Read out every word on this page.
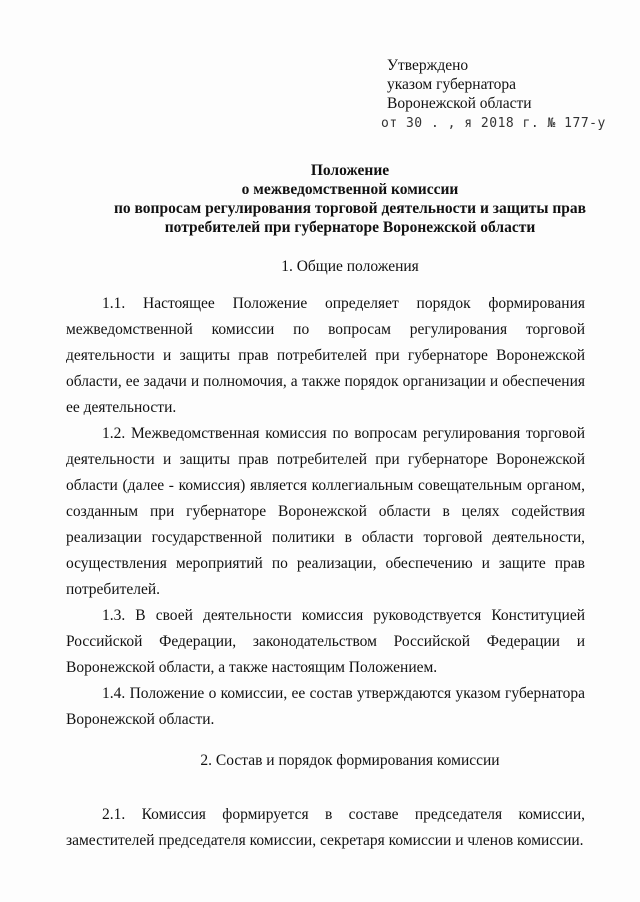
Утверждено
указом губернатора
Воронежской области
от 30 . , я 2018 г. № 177-у
Положение
о межведомственной комиссии
по вопросам регулирования торговой деятельности и защиты прав
потребителей при губернаторе Воронежской области
1. Общие положения
1.1. Настоящее Положение определяет порядок формирования
межведомственной комиссии по вопросам регулирования торговой
деятельности и защиты прав потребителей при губернаторе Воронежской
области, ее задачи и полномочия, а также порядок организации и обеспечения
ее деятельности.
1.2. Межведомственная комиссия по вопросам регулирования торговой
деятельности и защиты прав потребителей при губернаторе Воронежской
области (далее - комиссия) является коллегиальным совещательным органом,
созданным при губернаторе Воронежской области в целях содействия
реализации государственной политики в области торговой деятельности,
осуществления мероприятий по реализации, обеспечению и защите прав
потребителей.
1.3. В своей деятельности комиссия руководствуется Конституцией
Российской Федерации, законодательством Российской Федерации и
Воронежской области, а также настоящим Положением.
1.4. Положение о комиссии, ее состав утверждаются указом губернатора
Воронежской области.
2. Состав и порядок формирования комиссии
2.1. Комиссия формируется в составе председателя комиссии,
заместителей председателя комиссии, секретаря комиссии и членов комиссии.
